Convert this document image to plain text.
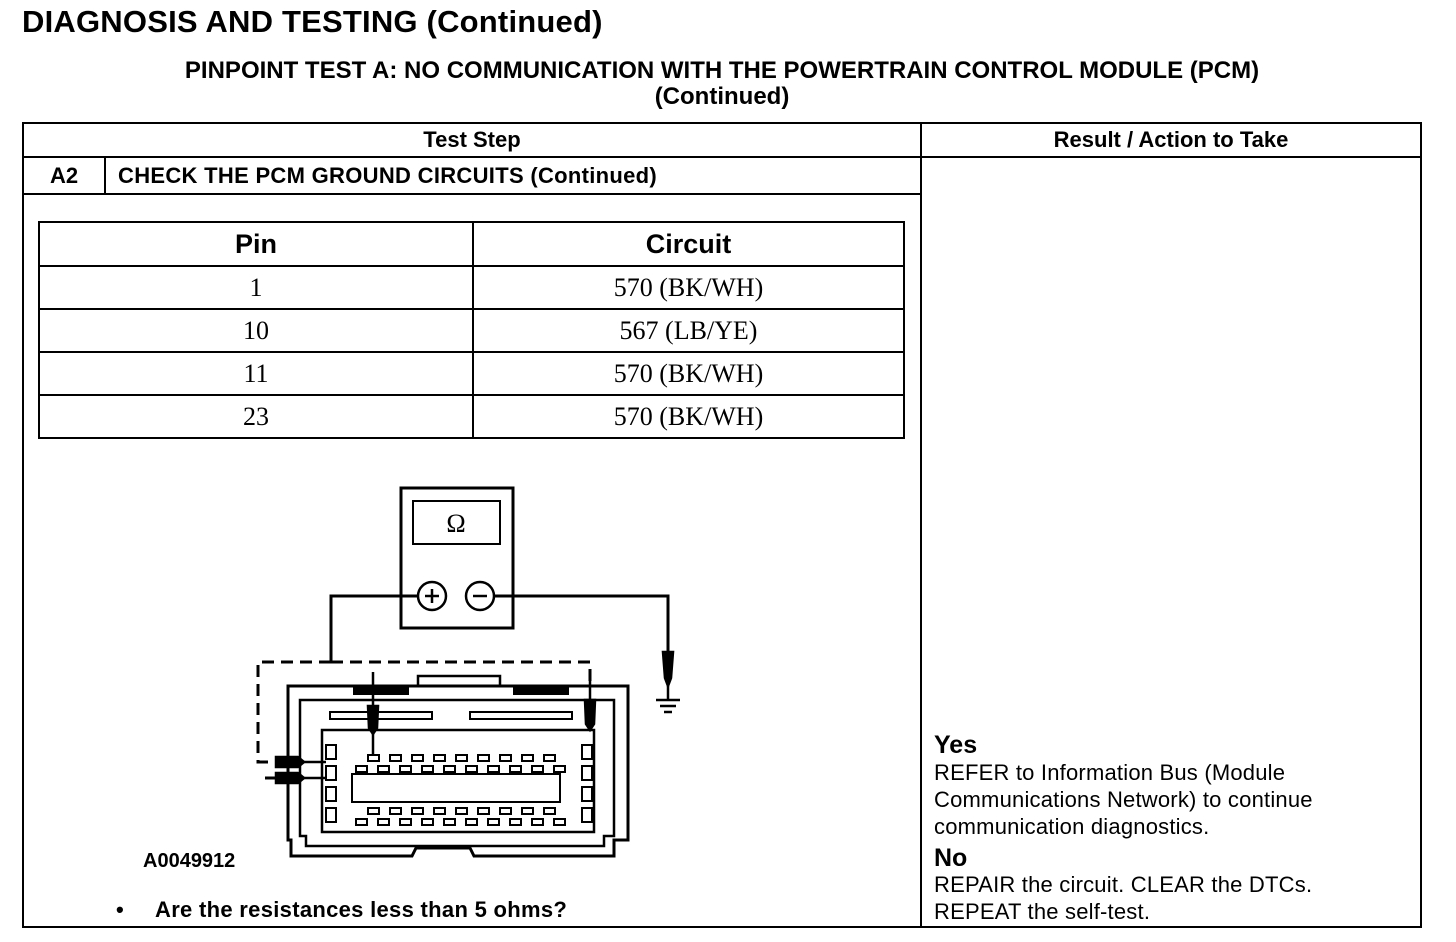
DIAGNOSIS AND TESTING (Continued)
PINPOINT TEST A: NO COMMUNICATION WITH THE POWERTRAIN CONTROL MODULE (PCM)
(Continued)
Test Step	Result / Action to Take
A2	CHECK THE PCM GROUND CIRCUITS (Continued)
Pin	Circuit
1	570 (BK/WH)
10	567 (LB/YE)
11	570 (BK/WH)
23	570 (BK/WH)
Ω
A0049912
• Are the resistances less than 5 ohms?
Yes
REFER to Information Bus (Module
Communications Network) to continue
communication diagnostics.
No
REPAIR the circuit. CLEAR the DTCs.
REPEAT the self-test.
